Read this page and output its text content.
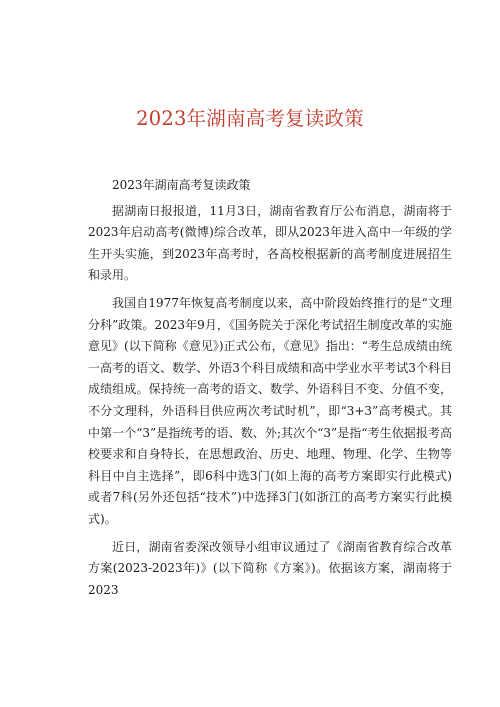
2023年湖南高考复读政策

2023年湖南高考复读政策

据湖南日报报道，11月3日，湖南省教育厅公布消息，湖南将于2023年启动高考(微博)综合改革，即从2023年进入高中一年级的学生开头实施，到2023年高考时，各高校根据新的高考制度进展招生和录用。

我国自1977年恢复高考制度以来，高中阶段始终推行的是“文理分科”政策。2023年9月，《国务院关于深化考试招生制度改革的实施意见》(以下简称《意见》)正式公布，《意见》指出：“考生总成绩由统一高考的语文、数学、外语3个科目成绩和高中学业水平考试3个科目成绩组成。保持统一高考的语文、数学、外语科目不变、分值不变，不分文理科，外语科目供应两次考试时机”，即“3+3”高考模式。其中第一个“3”是指统考的语、数、外;其次个“3”是指“考生依据报考高校要求和自身特长，在思想政治、历史、地理、物理、化学、生物等科目中自主选择”，即6科中选3门(如上海的高考方案即实行此模式)或者7科(另外还包括“技术”)中选择3门(如浙江的高考方案实行此模式)。

近日，湖南省委深改领导小组审议通过了《湖南省教育综合改革方案(2023-2023年)》(以下简称《方案》)。依据该方案，湖南将于2023
